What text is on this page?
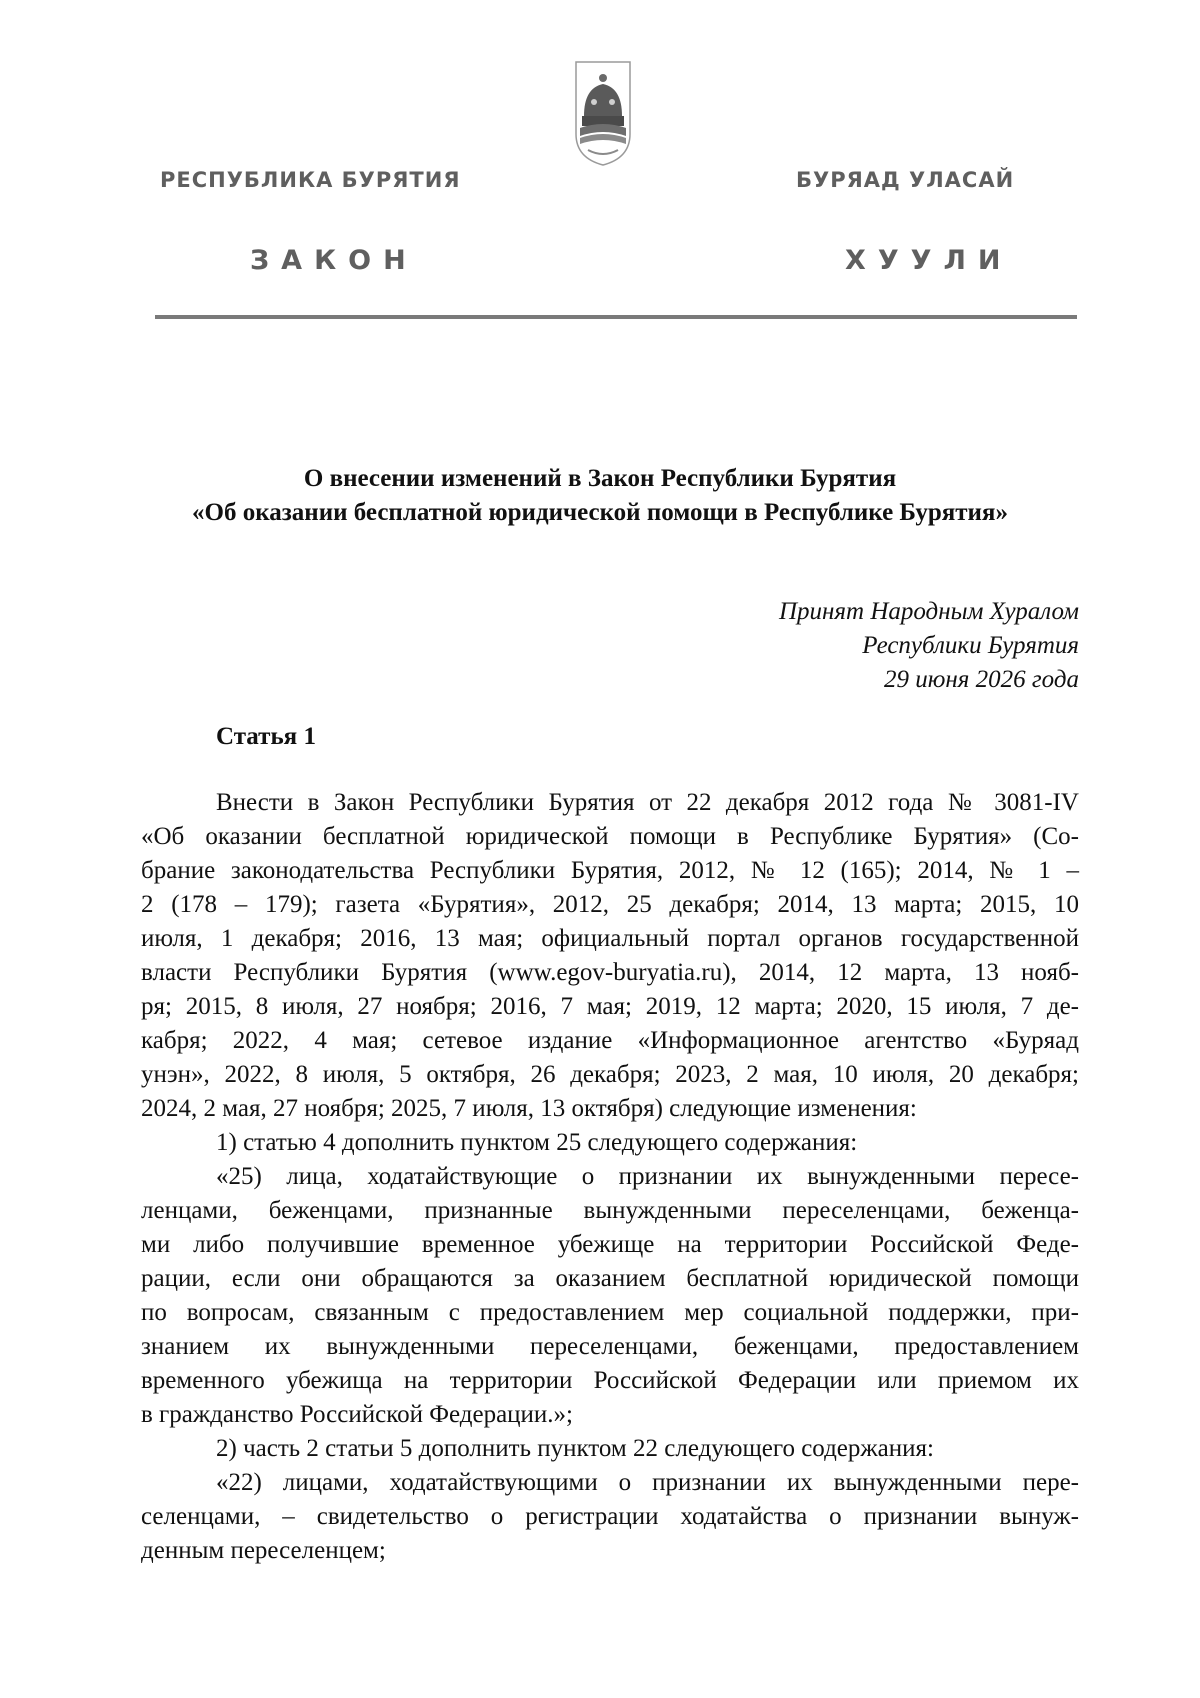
РЕСПУБЛИКА БУРЯТИЯ	БУРЯАД УЛАСАЙ
ЗАКОН	ХУУЛИ
О внесении изменений в Закон Республики Бурятия
«Об оказании бесплатной юридической помощи в Республике Бурятия»
Принят Народным Хуралом
Республики Бурятия
29 июня 2026 года
Статья 1
Внести в Закон Республики Бурятия от 22 декабря 2012 года № 3081-IV
«Об оказании бесплатной юридической помощи в Республике Бурятия» (Со-
брание законодательства Республики Бурятия, 2012, № 12 (165); 2014, № 1 –
2 (178 – 179); газета «Бурятия», 2012, 25 декабря; 2014, 13 марта; 2015, 10
июля, 1 декабря; 2016, 13 мая; официальный портал органов государственной
власти Республики Бурятия (www.egov-buryatia.ru), 2014, 12 марта, 13 нояб-
ря; 2015, 8 июля, 27 ноября; 2016, 7 мая; 2019, 12 марта; 2020, 15 июля, 7 де-
кабря; 2022, 4 мая; сетевое издание «Информационное агентство «Буряад
унэн», 2022, 8 июля, 5 октября, 26 декабря; 2023, 2 мая, 10 июля, 20 декабря;
2024, 2 мая, 27 ноября; 2025, 7 июля, 13 октября) следующие изменения:
1) статью 4 дополнить пунктом 25 следующего содержания:
«25) лица, ходатайствующие о признании их вынужденными пересе-
ленцами, беженцами, признанные вынужденными переселенцами, беженца-
ми либо получившие временное убежище на территории Российской Феде-
рации, если они обращаются за оказанием бесплатной юридической помощи
по вопросам, связанным с предоставлением мер социальной поддержки, при-
знанием их вынужденными переселенцами, беженцами, предоставлением
временного убежища на территории Российской Федерации или приемом их
в гражданство Российской Федерации.»;
2) часть 2 статьи 5 дополнить пунктом 22 следующего содержания:
«22) лицами, ходатайствующими о признании их вынужденными пере-
селенцами, – свидетельство о регистрации ходатайства о признании вынуж-
денным переселенцем;
